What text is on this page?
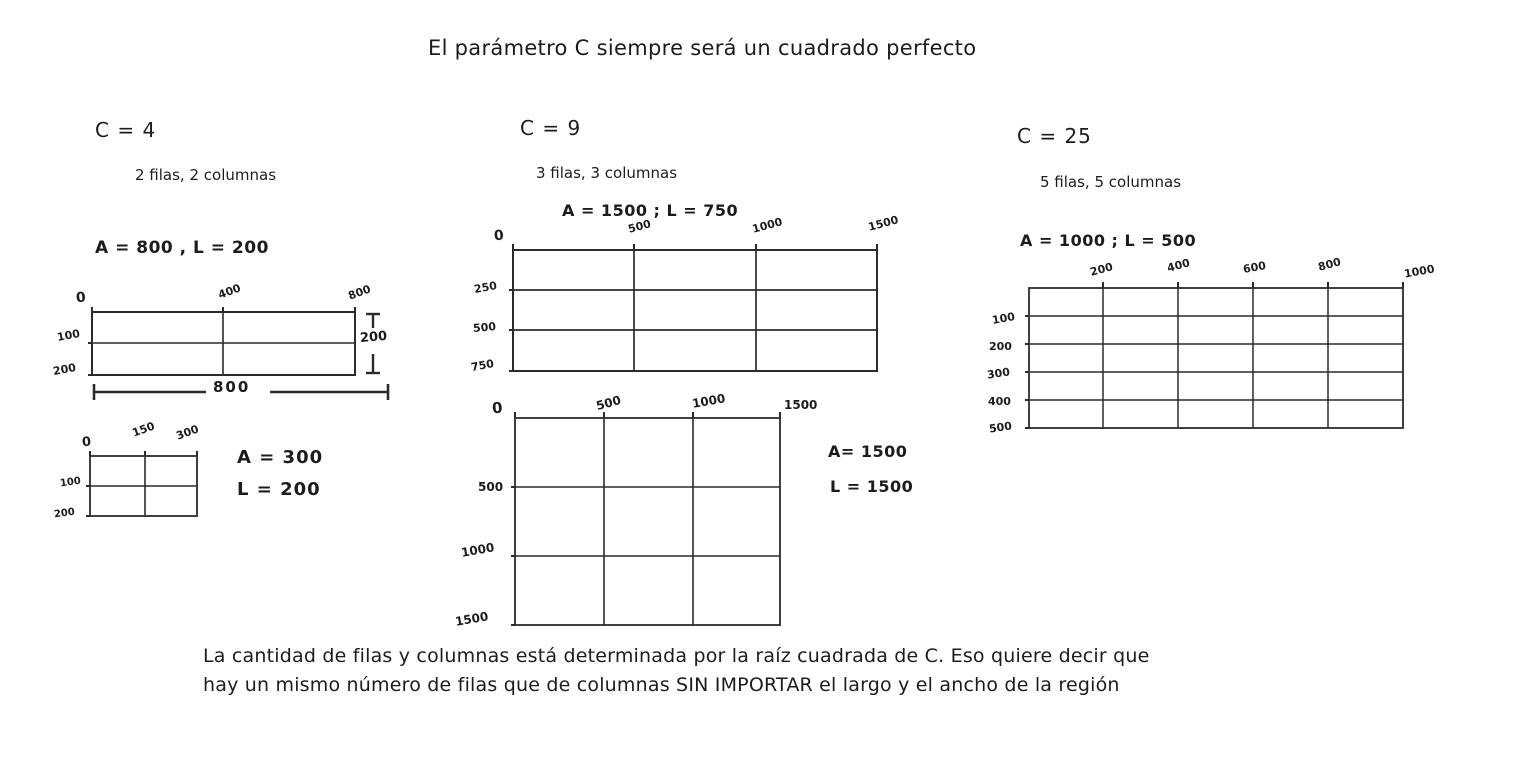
El parámetro C siempre será un cuadrado perfecto
C = 4
2 filas, 2 columnas
A = 800 , L = 200
0	400	800
100
200
200
800
0
150 300
100
200
A = 300
L = 200
C = 9
3 filas, 3 columnas
A = 1500 ; L = 750
0
500	1000	1500
250
500
750
0	500	1000	1500
500
1000
1500
A= 1500
L = 1500
C = 25
5 filas, 5 columnas
A = 1000 ; L = 500
200	400	600	800	1000
100
200
300
400
500
La cantidad de filas y columnas está determinada por la raíz cuadrada de C. Eso quiere decir que
hay un mismo número de filas que de columnas SIN IMPORTAR el largo y el ancho de la región
